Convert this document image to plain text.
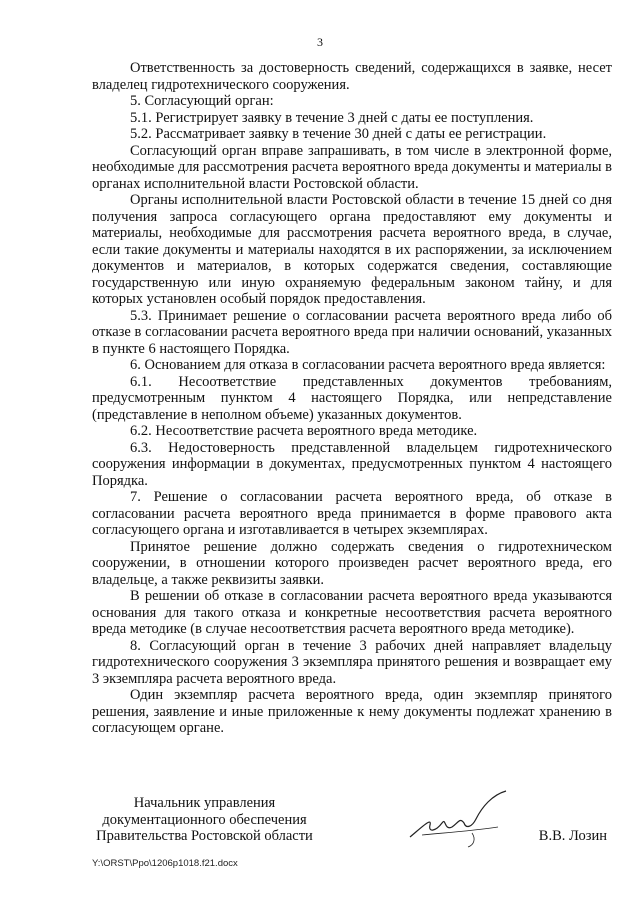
3

Ответственность за достоверность сведений, содержащихся в заявке, несет владелец гидротехнического сооружения.

5. Согласующий орган:

5.1. Регистрирует заявку в течение 3 дней с даты ее поступления.

5.2. Рассматривает заявку в течение 30 дней с даты ее регистрации.

Согласующий орган вправе запрашивать, в том числе в электронной форме, необходимые для рассмотрения расчета вероятного вреда документы и материалы в органах исполнительной власти Ростовской области.

Органы исполнительной власти Ростовской области в течение 15 дней со дня получения запроса согласующего органа предоставляют ему документы и материалы, необходимые для рассмотрения расчета вероятного вреда, в случае, если такие документы и материалы находятся в их распоряжении, за исключением документов и материалов, в которых содержатся сведения, составляющие государственную или иную охраняемую федеральным законом тайну, и для которых установлен особый порядок предоставления.

5.3. Принимает решение о согласовании расчета вероятного вреда либо об отказе в согласовании расчета вероятного вреда при наличии оснований, указанных в пункте 6 настоящего Порядка.

6. Основанием для отказа в согласовании расчета вероятного вреда является:

6.1. Несоответствие представленных документов требованиям, предусмотренным пунктом 4 настоящего Порядка, или непредставление (представление в неполном объеме) указанных документов.

6.2. Несоответствие расчета вероятного вреда методике.

6.3. Недостоверность представленной владельцем гидротехнического сооружения информации в документах, предусмотренных пунктом 4 настоящего Порядка.

7. Решение о согласовании расчета вероятного вреда, об отказе в согласовании расчета вероятного вреда принимается в форме правового акта согласующего органа и изготавливается в четырех экземплярах.

Принятое решение должно содержать сведения о гидротехническом сооружении, в отношении которого произведен расчет вероятного вреда, его владельце, а также реквизиты заявки.

В решении об отказе в согласовании расчета вероятного вреда указываются основания для такого отказа и конкретные несоответствия расчета вероятного вреда методике (в случае несоответствия расчета вероятного вреда методике).

8. Согласующий орган в течение 3 рабочих дней направляет владельцу гидротехнического сооружения 3 экземпляра принятого решения и возвращает ему 3 экземпляра расчета вероятного вреда.

Один экземпляр расчета вероятного вреда, один экземпляр принятого решения, заявление и иные приложенные к нему документы подлежат хранению в согласующем органе.

Начальник управления
документационного обеспечения
Правительства Ростовской области	В.В. Лозин
Y:\ORST\Ppo\1206p1018.f21.docx
